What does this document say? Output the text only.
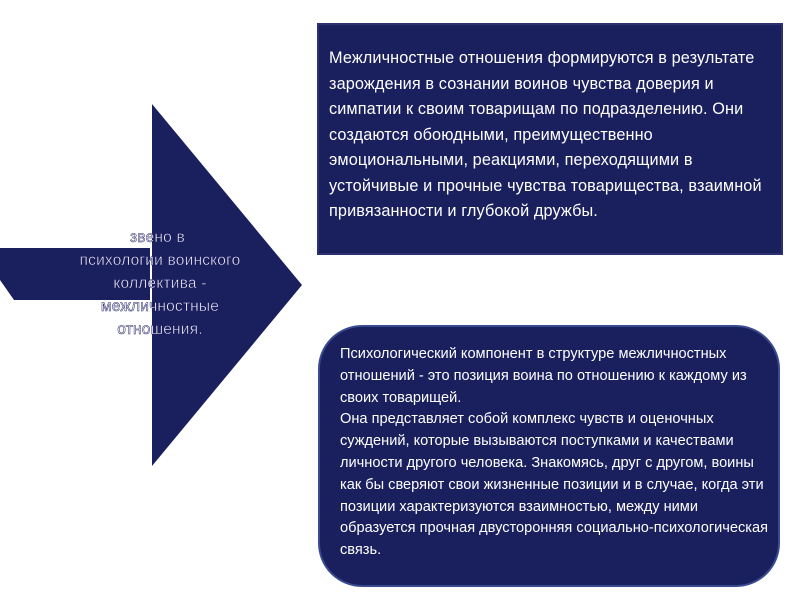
звено в
психологии воинского
коллектива -
межличностные
отношения.
Межличностные отношения формируются в результате зарождения в сознании воинов чувства доверия и симпатии к своим товарищам по подразделению. Они создаются обоюдными, преимущественно эмоциональными, реакциями, переходящими в устойчивые и прочные чувства товарищества, взаимной привязанности и глубокой дружбы.
Психологический компонент в структуре межличностных отношений - это позиция воина по отношению к каждому из своих товарищей.
Она представляет собой комплекс чувств и оценочных суждений, которые вызываются поступками и качествами личности другого человека. Знакомясь, друг с другом, воины как бы сверяют свои жизненные позиции и в случае, когда эти позиции характеризуются взаимностью, между ними образуется прочная двусторонняя социально-психологическая связь.
